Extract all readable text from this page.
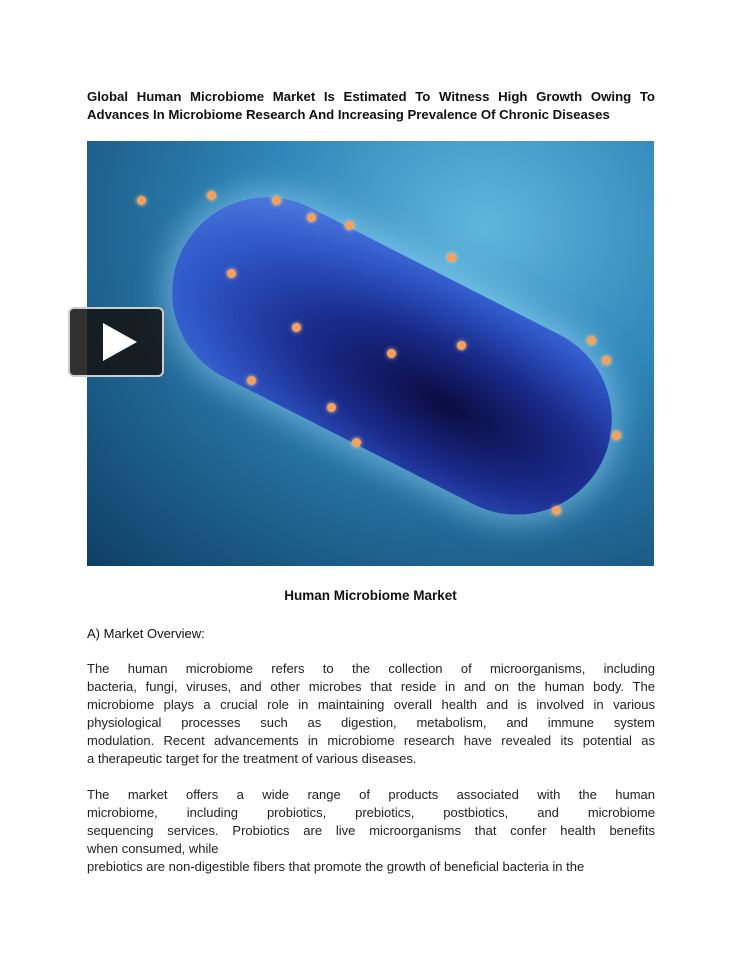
Global Human Microbiome Market Is Estimated To Witness High Growth Owing To Advances In Microbiome Research And Increasing Prevalence Of Chronic Diseases
Human Microbiome Market
A) Market Overview:
The human microbiome refers to the collection of microorganisms, including
bacteria, fungi, viruses, and other microbes that reside in and on the human body. The
microbiome plays a crucial role in maintaining overall health and is involved in various
physiological processes such as digestion, metabolism, and immune system
modulation. Recent advancements in microbiome research have revealed its potential as
a therapeutic target for the treatment of various diseases.
The market offers a wide range of products associated with the human
microbiome, including probiotics, prebiotics, postbiotics, and microbiome
sequencing services. Probiotics are live microorganisms that confer health benefits
when consumed, while
prebiotics are non-digestible fibers that promote the growth of beneficial bacteria in the
